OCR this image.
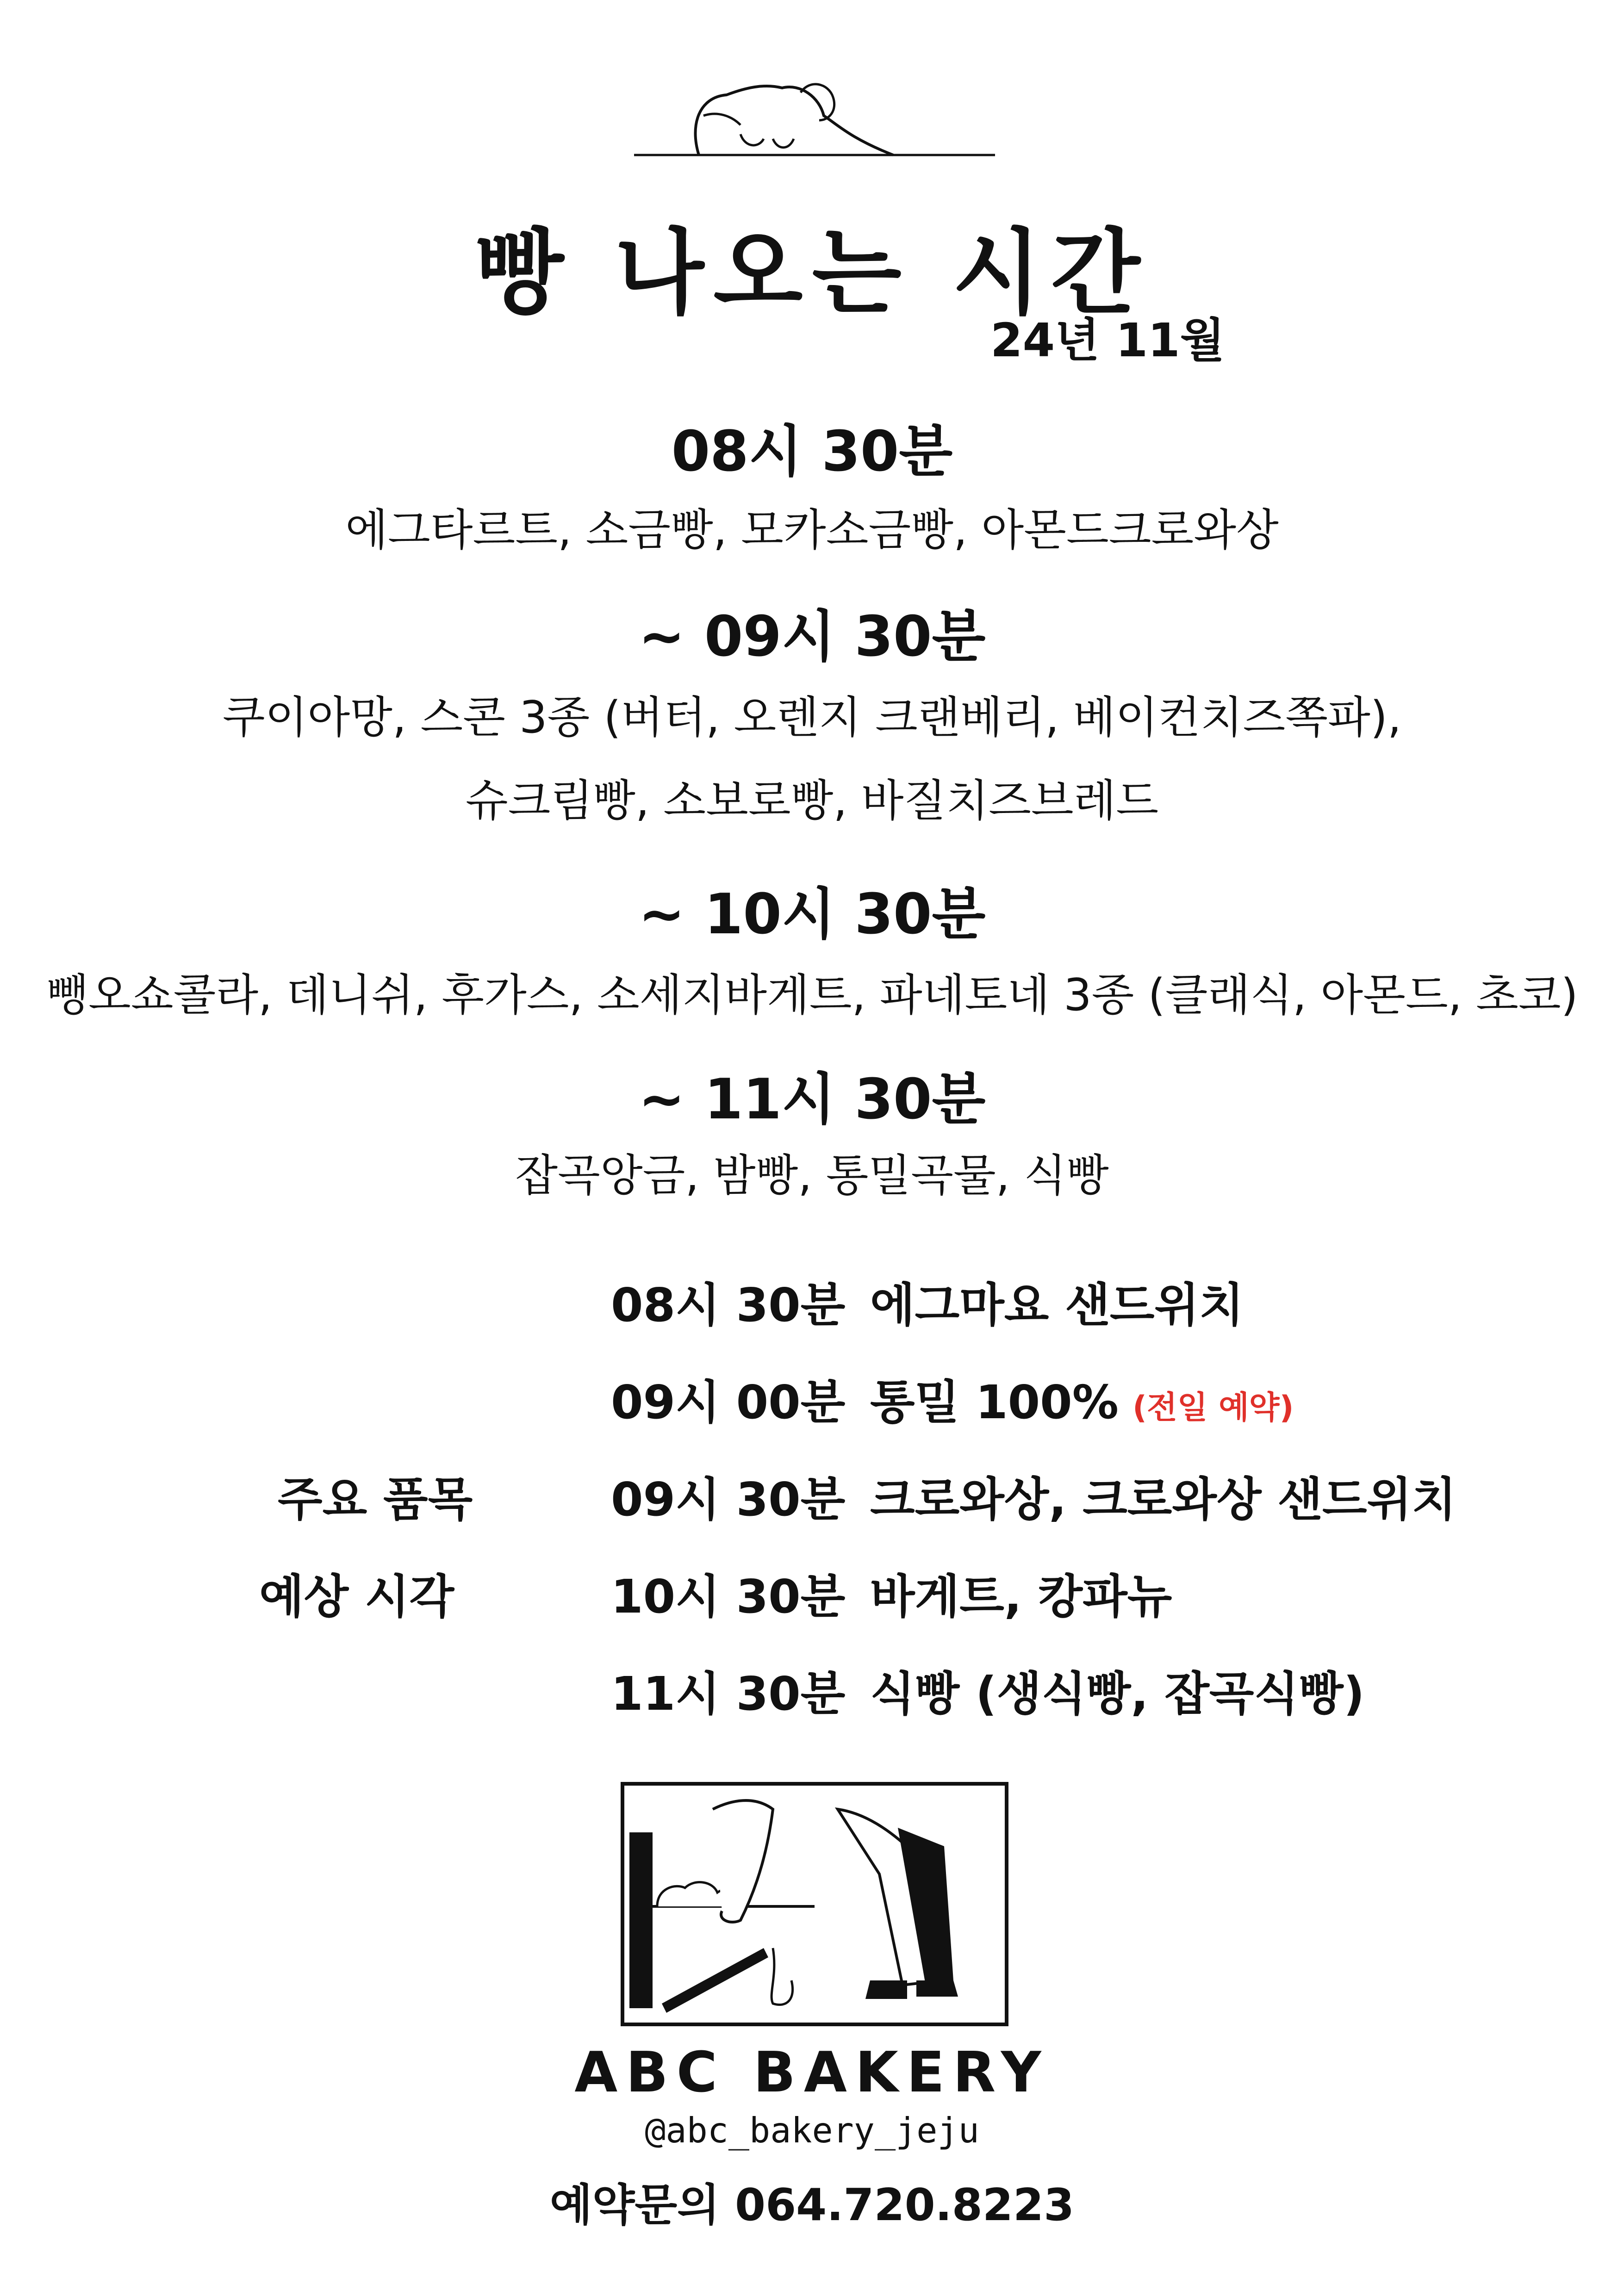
빵 나오는 시간
24년 11월
08시 30분
에그타르트, 소금빵, 모카소금빵, 아몬드크로와상
~ 09시 30분
쿠이아망, 스콘 3종 (버터, 오렌지 크랜베리, 베이컨치즈쪽파),
슈크림빵, 소보로빵, 바질치즈브레드
~ 10시 30분
뺑오쇼콜라, 데니쉬, 후가스, 소세지바게트, 파네토네 3종 (클래식, 아몬드, 초코)
~ 11시 30분
잡곡앙금, 밤빵, 통밀곡물, 식빵
주요 품목
예상 시각
08시 30분 에그마요 샌드위치
09시 00분 통밀 100% (전일 예약)
09시 30분 크로와상, 크로와상 샌드위치
10시 30분 바게트, 캉파뉴
11시 30분 식빵 (생식빵, 잡곡식빵)
ABC BAKERY
@abc_bakery_jeju
예약문의 064.720.8223
